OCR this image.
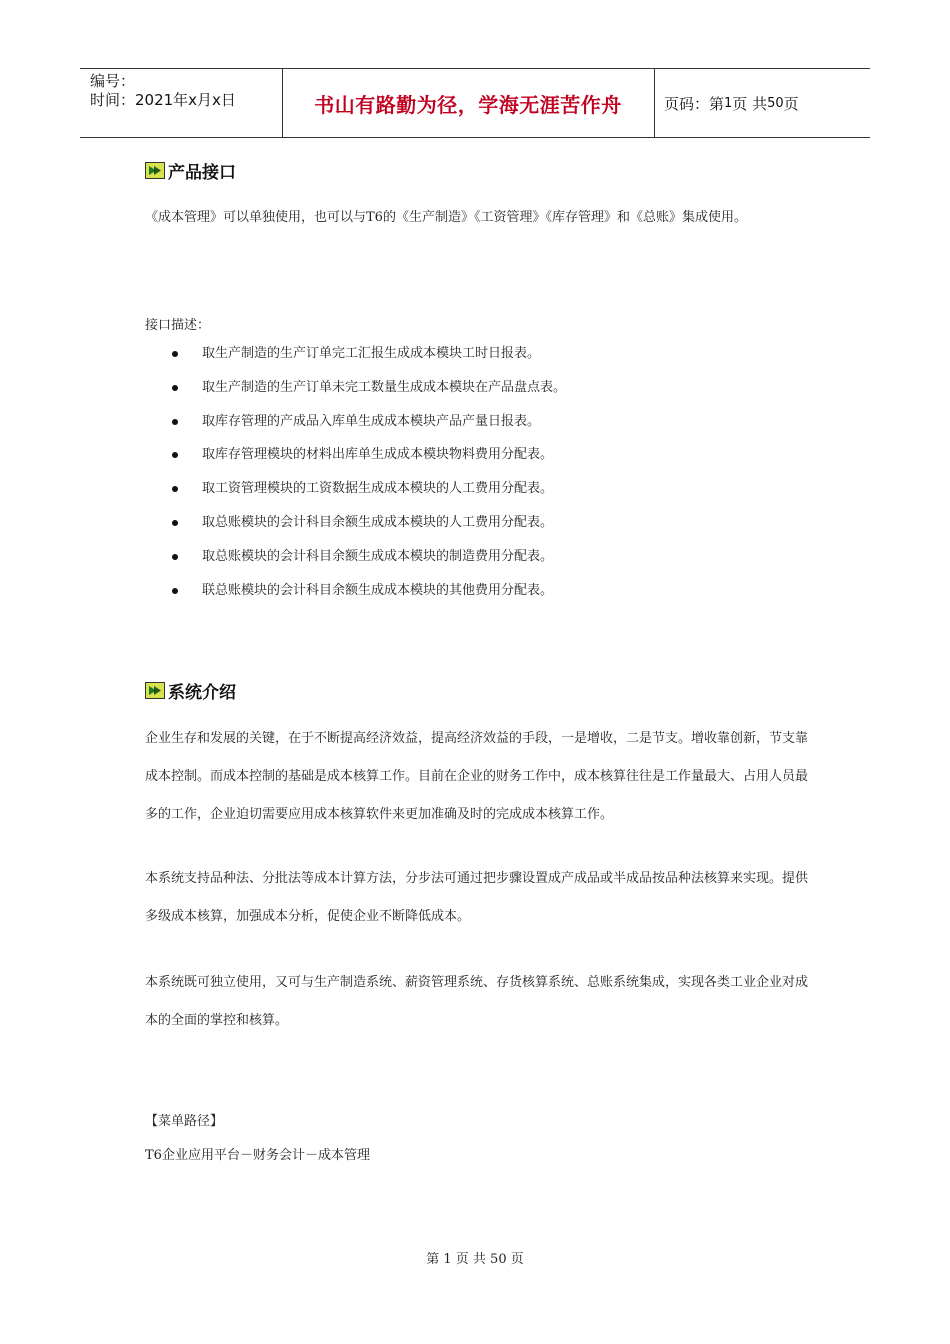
编号：
时间：2021年x月x日	书山有路勤为径，学海无涯苦作舟	页码：第 1 页 共 50 页
产品接口

《成本管理》可以单独使用，也可以与T6的《生产制造》《工资管理》《库存管理》和《总账》集成使用。

接口描述：
取生产制造的生产订单完工汇报生成成本模块工时日报表。
取生产制造的生产订单未完工数量生成成本模块在产品盘点表。
取库存管理的产成品入库单生成成本模块产品产量日报表。
取库存管理模块的材料出库单生成成本模块物料费用分配表。
取工资管理模块的工资数据生成成本模块的人工费用分配表。
取总账模块的会计科目余额生成成本模块的人工费用分配表。
取总账模块的会计科目余额生成成本模块的制造费用分配表。
联总账模块的会计科目余额生成成本模块的其他费用分配表。
系统介绍

企业生存和发展的关键，在于不断提高经济效益，提高经济效益的手段，一是增收，二是节支。增收靠创新，节支靠成本控制。而成本控制的基础是成本核算工作。目前在企业的财务工作中，成本核算往往是工作量最大、占用人员最多的工作，企业迫切需要应用成本核算软件来更加准确及时的完成成本核算工作。

本系统支持品种法、分批法等成本计算方法，分步法可通过把步骤设置成产成品或半成品按品种法核算来实现。提供多级成本核算，加强成本分析，促使企业不断降低成本。

本系统既可独立使用，又可与生产制造系统、薪资管理系统、存货核算系统、总账系统集成，实现各类工业企业对成本的全面的掌控和核算。

【菜单路径】
T6企业应用平台－财务会计－成本管理
第 1 页 共 50 页
